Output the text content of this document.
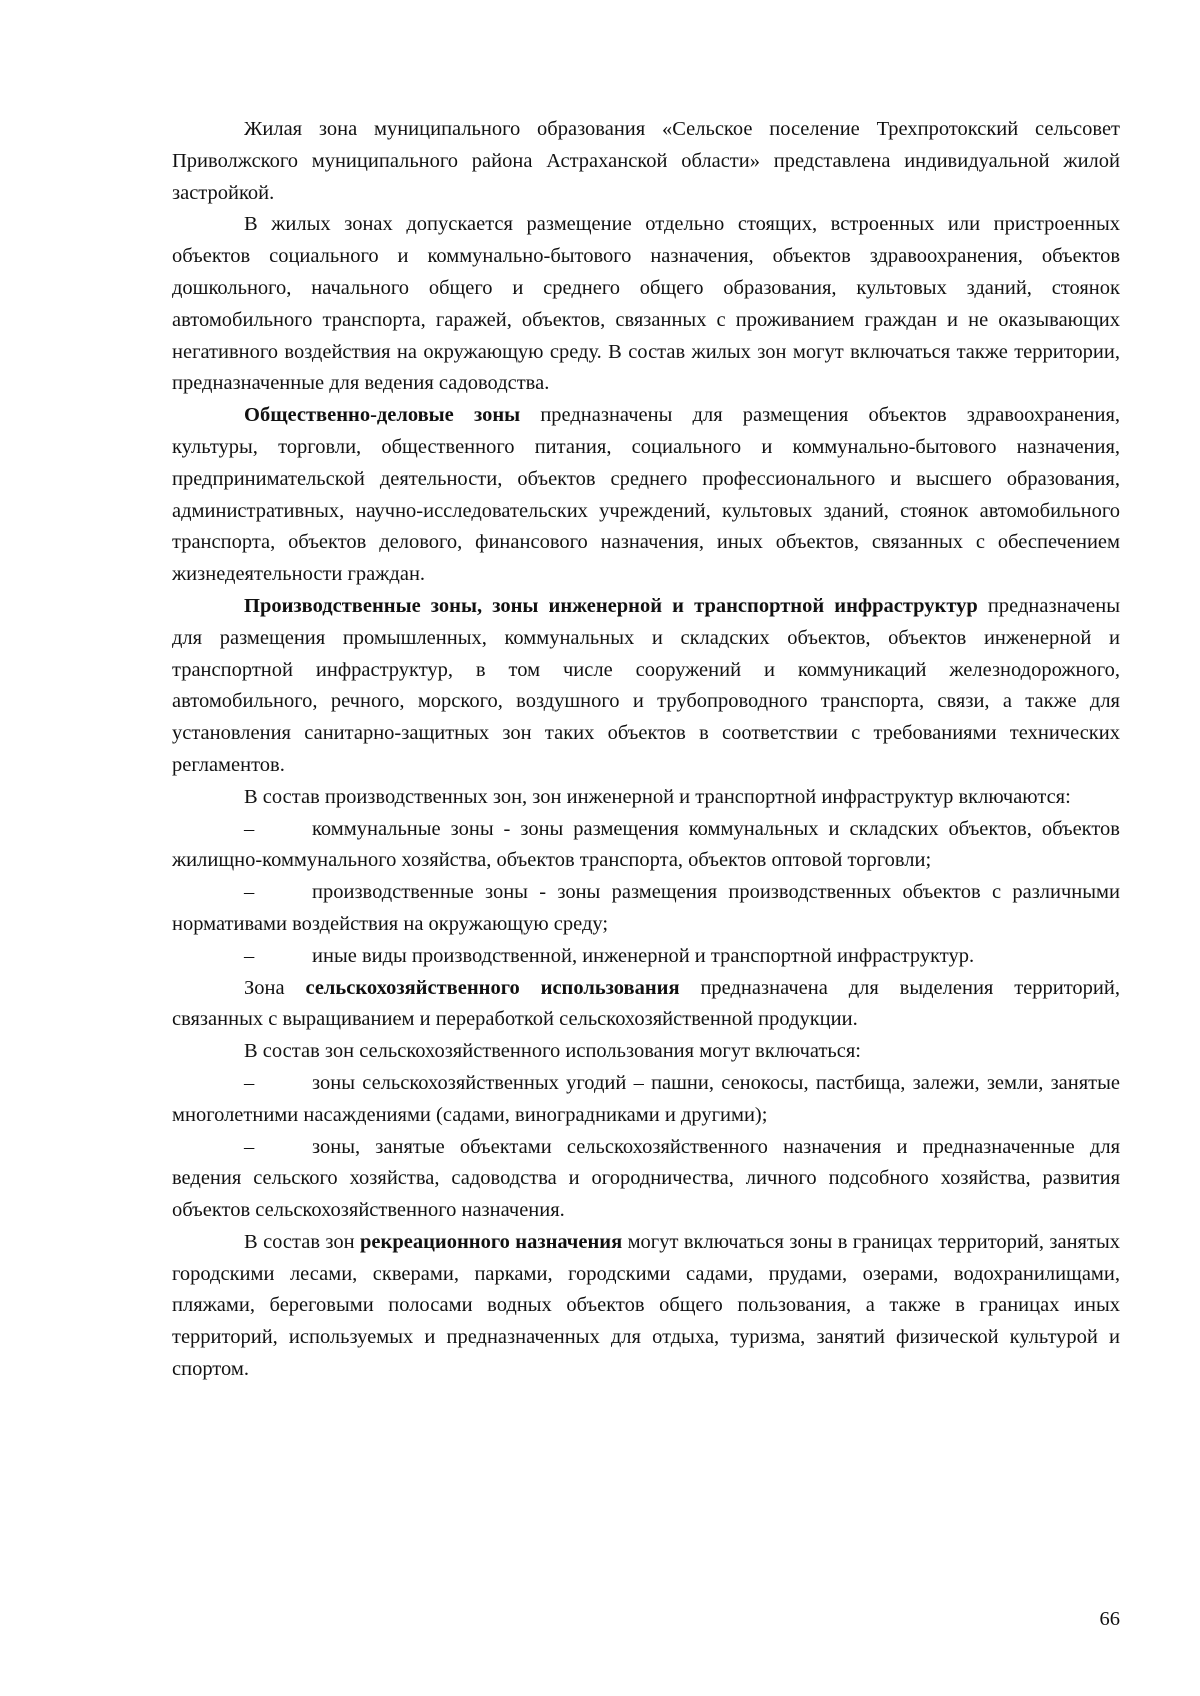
Жилая зона муниципального образования «Сельское поселение Трехпротокский сельсовет Приволжского муниципального района Астраханской области» представлена индивидуальной жилой застройкой.

В жилых зонах допускается размещение отдельно стоящих, встроенных или пристроенных объектов социального и коммунально-бытового назначения, объектов здравоохранения, объектов дошкольного, начального общего и среднего общего образования, культовых зданий, стоянок автомобильного транспорта, гаражей, объектов, связанных с проживанием граждан и не оказывающих негативного воздействия на окружающую среду. В состав жилых зон могут включаться также территории, предназначенные для ведения садоводства.

Общественно-деловые зоны предназначены для размещения объектов здравоохранения, культуры, торговли, общественного питания, социального и коммунально-бытового назначения, предпринимательской деятельности, объектов среднего профессионального и высшего образования, административных, научно-исследовательских учреждений, культовых зданий, стоянок автомобильного транспорта, объектов делового, финансового назначения, иных объектов, связанных с обеспечением жизнедеятельности граждан.

Производственные зоны, зоны инженерной и транспортной инфраструктур предназначены для размещения промышленных, коммунальных и складских объектов, объектов инженерной и транспортной инфраструктур, в том числе сооружений и коммуникаций железнодорожного, автомобильного, речного, морского, воздушного и трубопроводного транспорта, связи, а также для установления санитарно-защитных зон таких объектов в соответствии с требованиями технических регламентов.

В состав производственных зон, зон инженерной и транспортной инфраструктур включаются:

–	коммунальные зоны - зоны размещения коммунальных и складских объектов, объектов жилищно-коммунального хозяйства, объектов транспорта, объектов оптовой торговли;

–	производственные зоны - зоны размещения производственных объектов с различными нормативами воздействия на окружающую среду;

–	иные виды производственной, инженерной и транспортной инфраструктур.

Зона сельскохозяйственного использования предназначена для выделения территорий, связанных с выращиванием и переработкой сельскохозяйственной продукции.

В состав зон сельскохозяйственного использования могут включаться:

–	зоны сельскохозяйственных угодий – пашни, сенокосы, пастбища, залежи, земли, занятые многолетними насаждениями (садами, виноградниками и другими);

–	зоны, занятые объектами сельскохозяйственного назначения и предназначенные для ведения сельского хозяйства, садоводства и огородничества, личного подсобного хозяйства, развития объектов сельскохозяйственного назначения.

В состав зон рекреационного назначения могут включаться зоны в границах территорий, занятых городскими лесами, скверами, парками, городскими садами, прудами, озерами, водохранилищами, пляжами, береговыми полосами водных объектов общего пользования, а также в границах иных территорий, используемых и предназначенных для отдыха, туризма, занятий физической культурой и спортом.

66
